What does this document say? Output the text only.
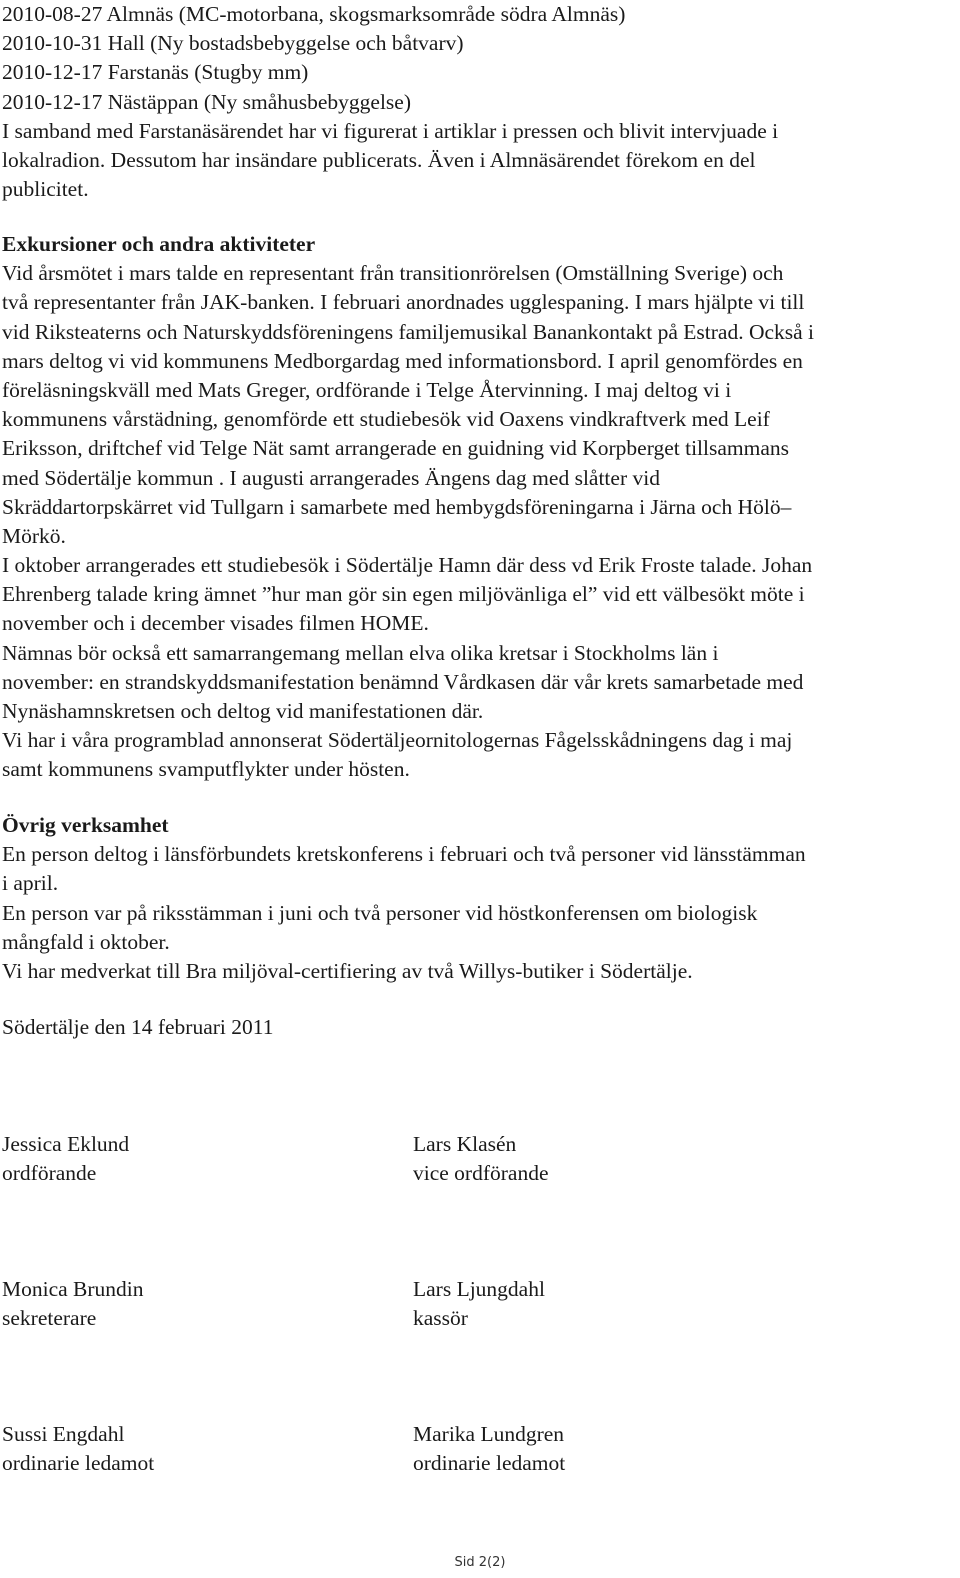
2010-08-27 Almnäs (MC-motorbana, skogsmarksområde södra Almnäs)
2010-10-31 Hall (Ny bostadsbebyggelse och båtvarv)
2010-12-17 Farstanäs (Stugby mm)
2010-12-17 Nästäppan (Ny småhusbebyggelse)
I samband med Farstanäsärendet har vi figurerat i artiklar i pressen och blivit intervjuade i
lokalradion. Dessutom har insändare publicerats. Även i Almnäsärendet förekom en del
publicitet.
Exkursioner och andra aktiviteter
Vid årsmötet i mars talde en representant från transitionrörelsen (Omställning Sverige) och
två representanter från JAK-banken. I februari anordnades ugglespaning. I mars hjälpte vi till
vid Riksteaterns och Naturskyddsföreningens familjemusikal Banankontakt på Estrad. Också i
mars deltog vi vid kommunens Medborgardag med informationsbord. I april genomfördes en
föreläsningskväll med Mats Greger, ordförande i Telge Återvinning. I maj deltog vi i
kommunens vårstädning, genomförde ett studiebesök vid Oaxens vindkraftverk med Leif
Eriksson, driftchef vid Telge Nät samt arrangerade en guidning vid Korpberget tillsammans
med Södertälje kommun . I augusti arrangerades Ängens dag med slåtter vid
Skräddartorpskärret vid Tullgarn i samarbete med hembygdsföreningarna i Järna och Hölö–
Mörkö.
I oktober arrangerades ett studiebesök i Södertälje Hamn där dess vd Erik Froste talade. Johan
Ehrenberg talade kring ämnet ”hur man gör sin egen miljövänliga el” vid ett välbesökt möte i
november och i december visades filmen HOME.
Nämnas bör också ett samarrangemang mellan elva olika kretsar i Stockholms län i
november: en strandskyddsmanifestation benämnd Vårdkasen där vår krets samarbetade med
Nynäshamnskretsen och deltog vid manifestationen där.
Vi har i våra programblad annonserat Södertäljeornitologernas Fågelsskådningens dag i maj
samt kommunens svamputflykter under hösten.
Övrig verksamhet
En person deltog i länsförbundets kretskonferens i februari och två personer vid länsstämman
i april.
En person var på riksstämman i juni och två personer vid höstkonferensen om biologisk
mångfald i oktober.
Vi har medverkat till Bra miljöval-certifiering av två Willys-butiker i Södertälje.
Södertälje den 14 februari 2011
Jessica Eklund
ordförande
Lars Klasén
vice ordförande
Monica Brundin
sekreterare
Lars Ljungdahl
kassör
Sussi Engdahl
ordinarie ledamot
Marika Lundgren
ordinarie ledamot
Sid 2(2)
